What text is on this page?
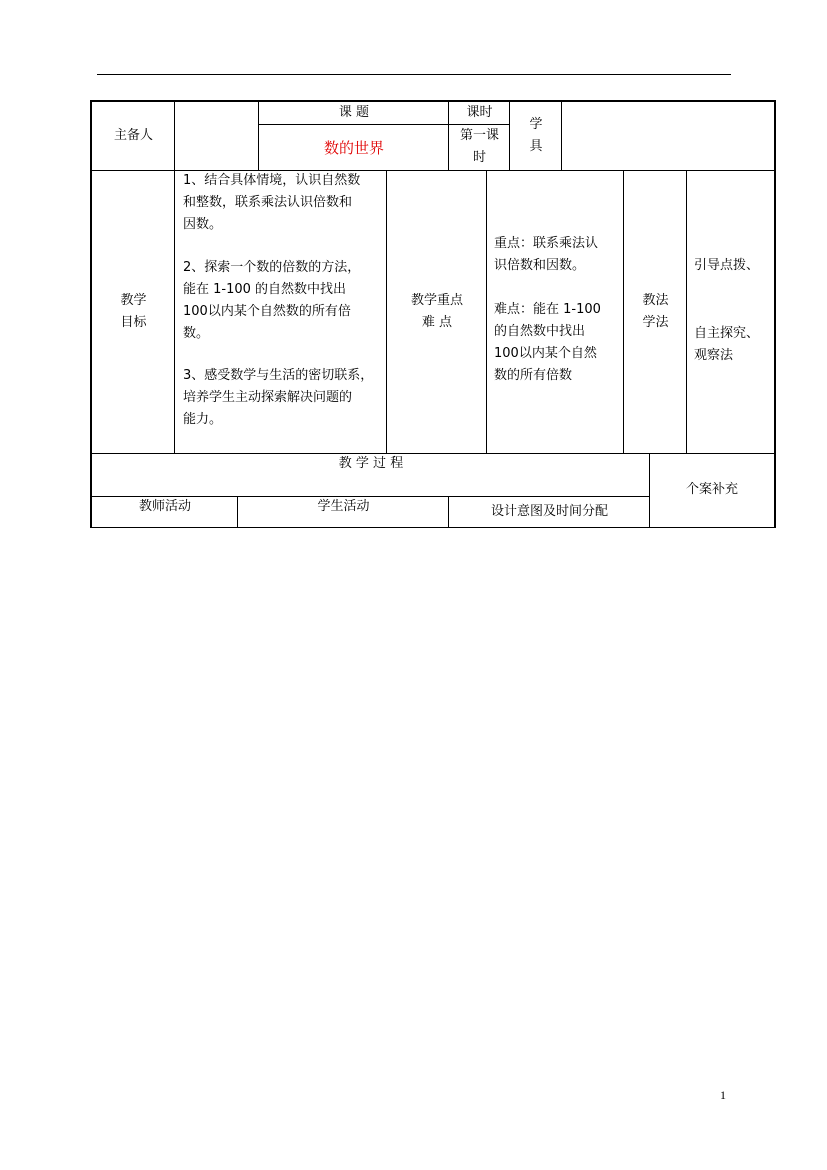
主备人
课 题
数的世界
课时
第一课
时
学
具
教学
目标
1、结合具体情境，认识自然数
和整数，联系乘法认识倍数和
因数。
2、探索一个数的倍数的方法，
能在 1-100 的自然数中找出
100以内某个自然数的所有倍
数。
3、感受数学与生活的密切联系，
培养学生主动探索解决问题的
能力。
教学重点
难 点
重点：联系乘法认
识倍数和因数。
难点：能在 1-100
的自然数中找出
100以内某个自然
数的所有倍数
教法
学法
引导点拨、
自主探究、
观察法
教 学 过 程
个案补充
教师活动	学生活动	设计意图及时间分配
1
